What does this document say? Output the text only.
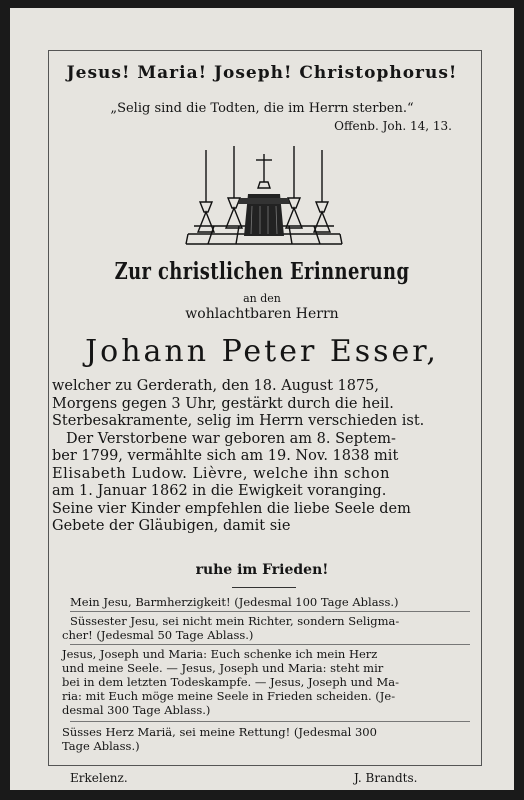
Jesus! Maria! Joseph! Christophorus!
„Selig sind die Todten, die im Herrn sterben.“
Offenb. Joh. 14, 13.
Zur christlichen Erinnerung
an den
wohlachtbaren Herrn
Johann Peter Esser,
welcher zu Gerderath, den 18. August 1875,
Morgens gegen 3 Uhr, gestärkt durch die heil.
Sterbesakramente, selig im Herrn verschieden ist.
Der Verstorbene war geboren am 8. Septem-
ber 1799, vermählte sich am 19. Nov. 1838 mit
Elisabeth Ludow. Lièvre, welche ihn schon
am 1. Januar 1862 in die Ewigkeit voranging.
Seine vier Kinder empfehlen die liebe Seele dem
Gebete der Gläubigen, damit sie
ruhe im Frieden!
Mein Jesu, Barmherzigkeit! (Jedesmal 100 Tage Ablass.)
Süssester Jesu, sei nicht mein Richter, sondern Seligma-
cher! (Jedesmal 50 Tage Ablass.)
Jesus, Joseph und Maria: Euch schenke ich mein Herz
und meine Seele. — Jesus, Joseph und Maria: steht mir
bei in dem letzten Todeskampfe. — Jesus, Joseph und Ma-
ria: mit Euch möge meine Seele in Frieden scheiden. (Je-
desmal 300 Tage Ablass.)
Süsses Herz Mariä, sei meine Rettung! (Jedesmal 300
Tage Ablass.)
Erkelenz.	J. Brandts.
